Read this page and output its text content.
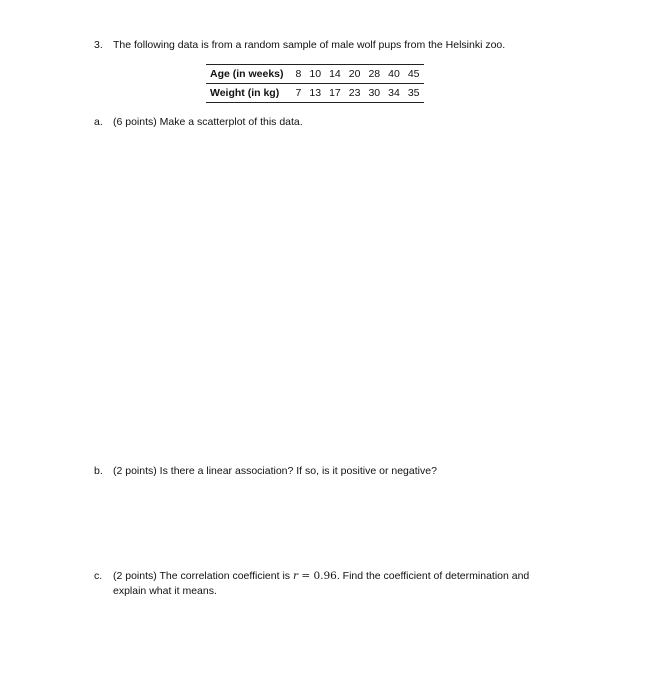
3. The following data is from a random sample of male wolf pups from the Helsinki zoo.
Age (in weeks)	8	10	14	20	28	40	45
Weight (in kg)	7	13	17	23	30	34	35
a. (6 points) Make a scatterplot of this data.
b. (2 points) Is there a linear association? If so, is it positive or negative?
c. (2 points) The correlation coefficient is r = 0.96. Find the coefficient of determination and
explain what it means.
